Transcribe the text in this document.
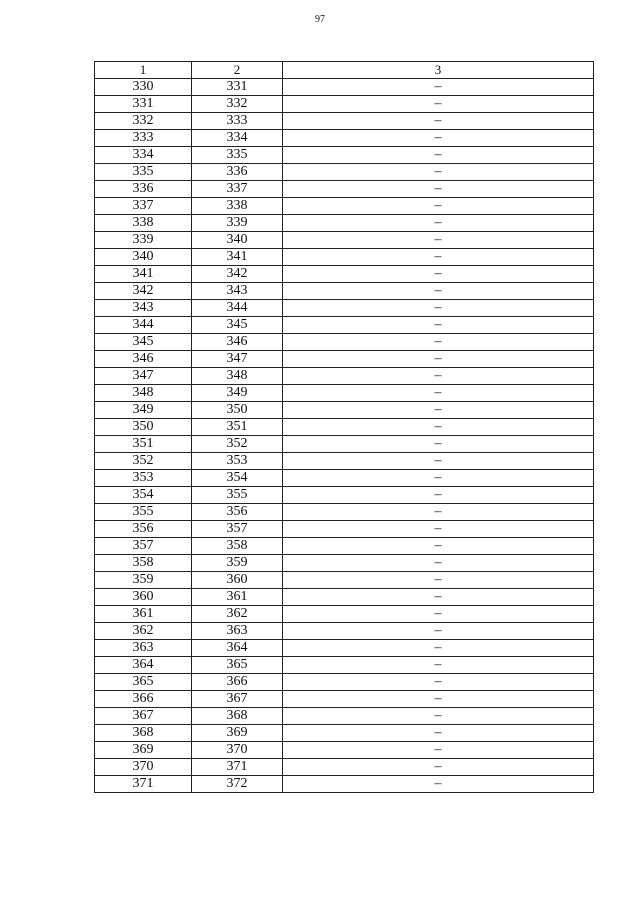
97
1	2	3
330	331	–
331	332	–
332	333	–
333	334	–
334	335	–
335	336	–
336	337	–
337	338	–
338	339	–
339	340	–
340	341	–
341	342	–
342	343	–
343	344	–
344	345	–
345	346	–
346	347	–
347	348	–
348	349	–
349	350	–
350	351	–
351	352	–
352	353	–
353	354	–
354	355	–
355	356	–
356	357	–
357	358	–
358	359	–
359	360	–
360	361	–
361	362	–
362	363	–
363	364	–
364	365	–
365	366	–
366	367	–
367	368	–
368	369	–
369	370	–
370	371	–
371	372	–
